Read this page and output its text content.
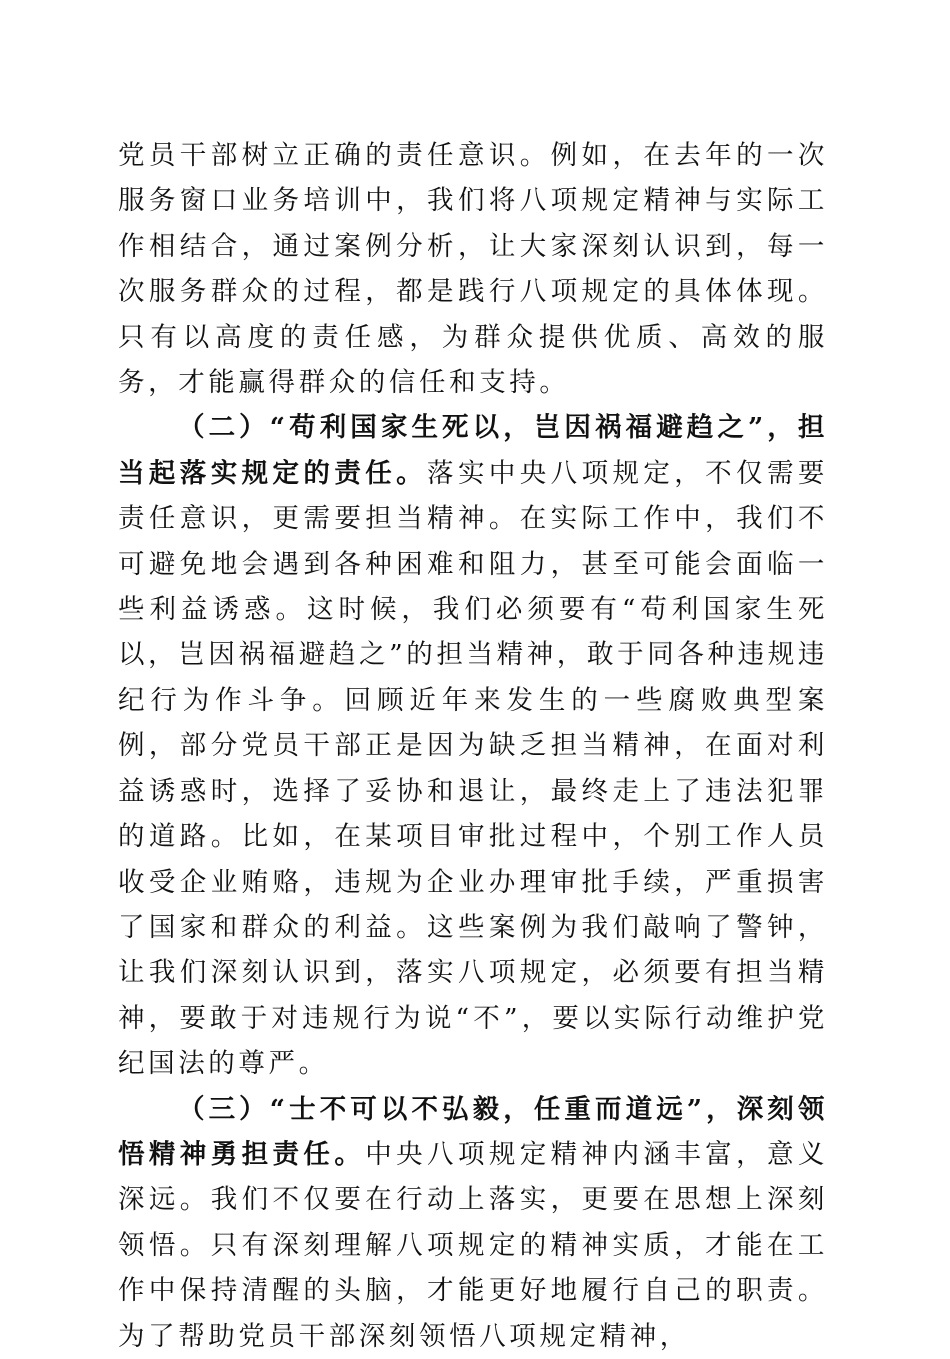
党员干部树立正确的责任意识。例如，在去年的一次服务窗口业务培训中，我们将八项规定精神与实际工作相结合，通过案例分析，让大家深刻认识到，每一次服务群众的过程，都是践行八项规定的具体体现。只有以高度的责任感，为群众提供优质、高效的服务，才能赢得群众的信任和支持。

（二）“苟利国家生死以，岂因祸福避趋之”，担当起落实规定的责任。落实中央八项规定，不仅需要责任意识，更需要担当精神。在实际工作中，我们不可避免地会遇到各种困难和阻力，甚至可能会面临一些利益诱惑。这时候，我们必须要有“苟利国家生死以，岂因祸福避趋之”的担当精神，敢于同各种违规违纪行为作斗争。回顾近年来发生的一些腐败典型案例，部分党员干部正是因为缺乏担当精神，在面对利益诱惑时，选择了妥协和退让，最终走上了违法犯罪的道路。比如，在某项目审批过程中，个别工作人员收受企业贿赂，违规为企业办理审批手续，严重损害了国家和群众的利益。这些案例为我们敲响了警钟，让我们深刻认识到，落实八项规定，必须要有担当精神，要敢于对违规行为说“不”，要以实际行动维护党纪国法的尊严。

（三）“士不可以不弘毅，任重而道远”，深刻领悟精神勇担责任。中央八项规定精神内涵丰富，意义深远。我们不仅要在行动上落实，更要在思想上深刻领悟。只有深刻理解八项规定的精神实质，才能在工作中保持清醒的头脑，才能更好地履行自己的职责。为了帮助党员干部深刻领悟八项规定精神，
